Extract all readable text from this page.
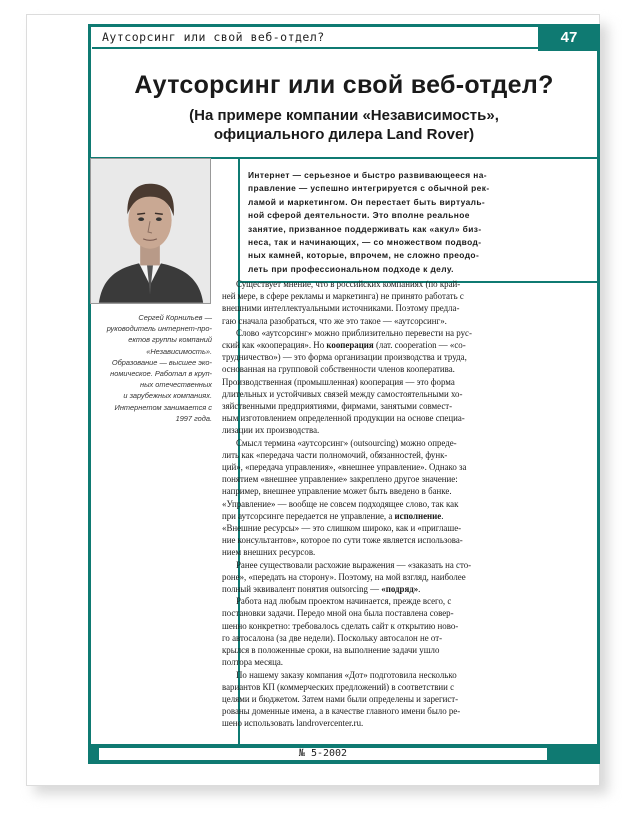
Аутсорсинг или свой веб-отдел?	47
Аутсорсинг или свой веб-отдел?
(На примере компании «Независимость»,
официального дилера Land Rover)
Интернет — серьезное и быстро развивающееся на-
правление — успешно интегрируется с обычной рек-
ламой и маркетингом. Он перестает быть виртуаль-
ной сферой деятельности. Это вполне реальное
занятие, призванное поддерживать как «акул» биз-
неса, так и начинающих, — со множеством подвод-
ных камней, которые, впрочем, не сложно преодо-
леть при профессиональном подходе к делу.
№ 5-2002
Сергей Корнильев —
руководитель интернет-про-
ектов группы компаний
«Независимость».
Образование — высшее эко-
номическое. Работал в круп-
ных отечественных
и зарубежных компаниях.
Интернетом занимается с
1997 года.
Существует мнение, что в российских компаниях (по край-
ней мере, в сфере рекламы и маркетинга) не принято работать с
внешними интеллектуальными источниками. Поэтому предла-
гаю сначала разобраться, что же это такое — «аутсорсинг».
Слово «аутсорсинг» можно приблизительно перевести на рус-
ский как «кооперация». Но кооперация (лат. cooperation — «со-
трудничество») — это форма организации производства и труда,
основанная на групповой собственности членов кооператива.
Производственная (промышленная) кооперация — это форма
длительных и устойчивых связей между самостоятельными хо-
зяйственными предприятиями, фирмами, занятыми совмест-
ным изготовлением определенной продукции на основе специа-
лизации их производства.
Смысл термина «аутсорсинг» (outsourcing) можно опреде-
лить как «передача части полномочий, обязанностей, функ-
ций», «передача управления», «внешнее управление». Однако за
понятием «внешнее управление» закреплено другое значение:
например, внешнее управление может быть введено в банке.
«Управление» — вообще не совсем подходящее слово, так как
при аутсорсинге передается не управление, а исполнение.
«Внешние ресурсы» — это слишком широко, как и «приглаше-
ние консультантов», которое по сути тоже является использова-
нием внешних ресурсов.
Ранее существовали расхожие выражения — «заказать на сто-
роне», «передать на сторону». Поэтому, на мой взгляд, наиболее
полный эквивалент понятия outsorcing — «подряд».
Работа над любым проектом начинается, прежде всего, с
постановки задачи. Передо мной она была поставлена совер-
шенно конкретно: требовалось сделать сайт к открытию ново-
го автосалона (за две недели). Поскольку автосалон не от-
крылся в положенные сроки, на выполнение задачи ушло
полтора месяца.
По нашему заказу компания «Дот» подготовила несколько
вариантов КП (коммерческих предложений) в соответствии с
целями и бюджетом. Затем нами были определены и зарегист-
рованы доменные имена, а в качестве главного имени было ре-
шено использовать landrovercenter.ru.
